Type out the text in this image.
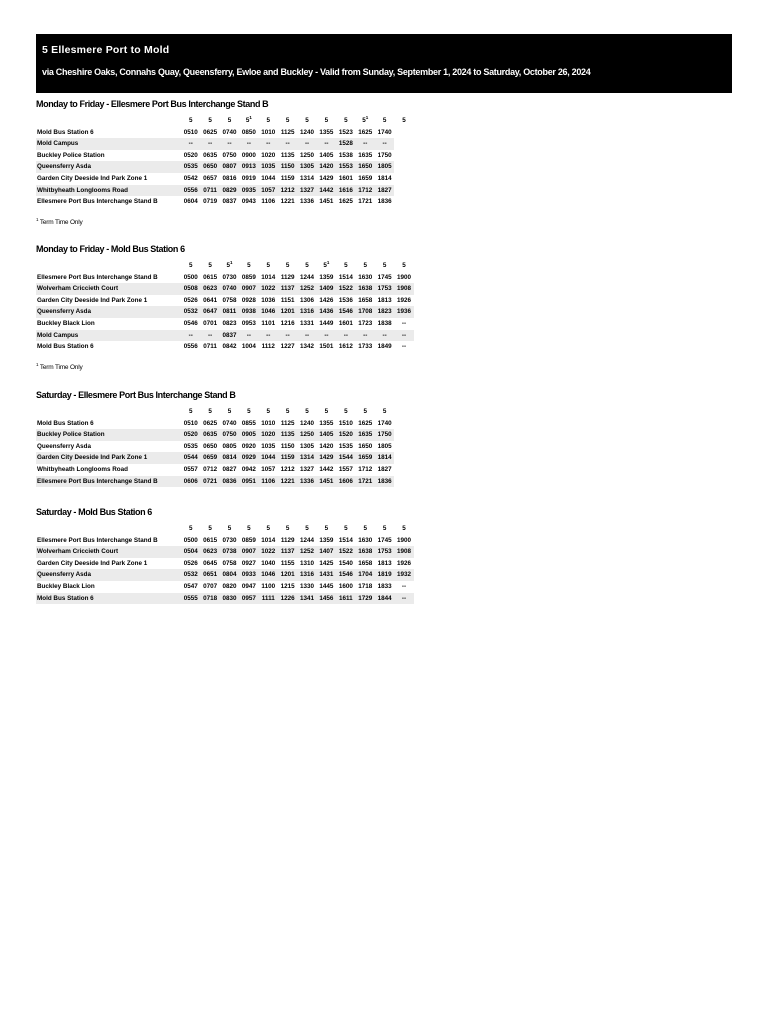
5 Ellesmere Port to Mold
via Cheshire Oaks, Connahs Quay, Queensferry, Ewloe and Buckley - Valid from Sunday, September 1, 2024 to Saturday, October 26, 2024
Monday to Friday - Ellesmere Port Bus Interchange Stand B
	5	5	5	$5^1$	5	5	5	5	5	$5^1$	5	5
Mold Bus Station 6	0510	0625	0740	0850	1010	1125	1240	1355	1523	1625	1740	
Mold Campus	--	--	--	--	--	--	--	--	1528	--	--	
Buckley Police Station	0520	0635	0750	0900	1020	1135	1250	1405	1538	1635	1750	
Queensferry Asda	0535	0650	0807	0913	1035	1150	1305	1420	1553	1650	1805	
Garden City Deeside Ind Park Zone 1	0542	0657	0816	0919	1044	1159	1314	1429	1601	1659	1814	
Whitbyheath Longlooms Road	0556	0711	0829	0935	1057	1212	1327	1442	1616	1712	1827	
Ellesmere Port Bus Interchange Stand B	0604	0719	0837	0943	1106	1221	1336	1451	1625	1721	1836	
$^1$ Term Time Only
Monday to Friday - Mold Bus Station 6
	5	5	$5^1$	5	5	5	5	$5^1$	5	5	5	5
Ellesmere Port Bus Interchange Stand B	0500	0615	0730	0859	1014	1129	1244	1359	1514	1630	1745	1900
Wolverham Criccieth Court	0508	0623	0740	0907	1022	1137	1252	1409	1522	1638	1753	1908
Garden City Deeside Ind Park Zone 1	0526	0641	0758	0928	1036	1151	1306	1426	1536	1658	1813	1926
Queensferry Asda	0532	0647	0811	0938	1046	1201	1316	1436	1546	1708	1823	1936
Buckley Black Lion	0546	0701	0823	0953	1101	1216	1331	1449	1601	1723	1838	--
Mold Campus	--	--	0837	--	--	--	--	--	--	--	--	--
Mold Bus Station 6	0556	0711	0842	1004	1112	1227	1342	1501	1612	1733	1849	--
$^1$ Term Time Only
Saturday - Ellesmere Port Bus Interchange Stand B
	5	5	5	5	5	5	5	5	5	5	5
Mold Bus Station 6	0510	0625	0740	0855	1010	1125	1240	1355	1510	1625	1740
Buckley Police Station	0520	0635	0750	0905	1020	1135	1250	1405	1520	1635	1750
Queensferry Asda	0535	0650	0805	0920	1035	1150	1305	1420	1535	1650	1805
Garden City Deeside Ind Park Zone 1	0544	0659	0814	0929	1044	1159	1314	1429	1544	1659	1814
Whitbyheath Longlooms Road	0557	0712	0827	0942	1057	1212	1327	1442	1557	1712	1827
Ellesmere Port Bus Interchange Stand B	0606	0721	0836	0951	1106	1221	1336	1451	1606	1721	1836
Saturday - Mold Bus Station 6
	5	5	5	5	5	5	5	5	5	5	5	5
Ellesmere Port Bus Interchange Stand B	0500	0615	0730	0859	1014	1129	1244	1359	1514	1630	1745	1900
Wolverham Criccieth Court	0504	0623	0738	0907	1022	1137	1252	1407	1522	1638	1753	1908
Garden City Deeside Ind Park Zone 1	0526	0645	0758	0927	1040	1155	1310	1425	1540	1658	1813	1926
Queensferry Asda	0532	0651	0804	0933	1046	1201	1316	1431	1546	1704	1819	1932
Buckley Black Lion	0547	0707	0820	0947	1100	1215	1330	1445	1600	1718	1833	--
Mold Bus Station 6	0555	0718	0830	0957	1111	1226	1341	1456	1611	1729	1844	--
